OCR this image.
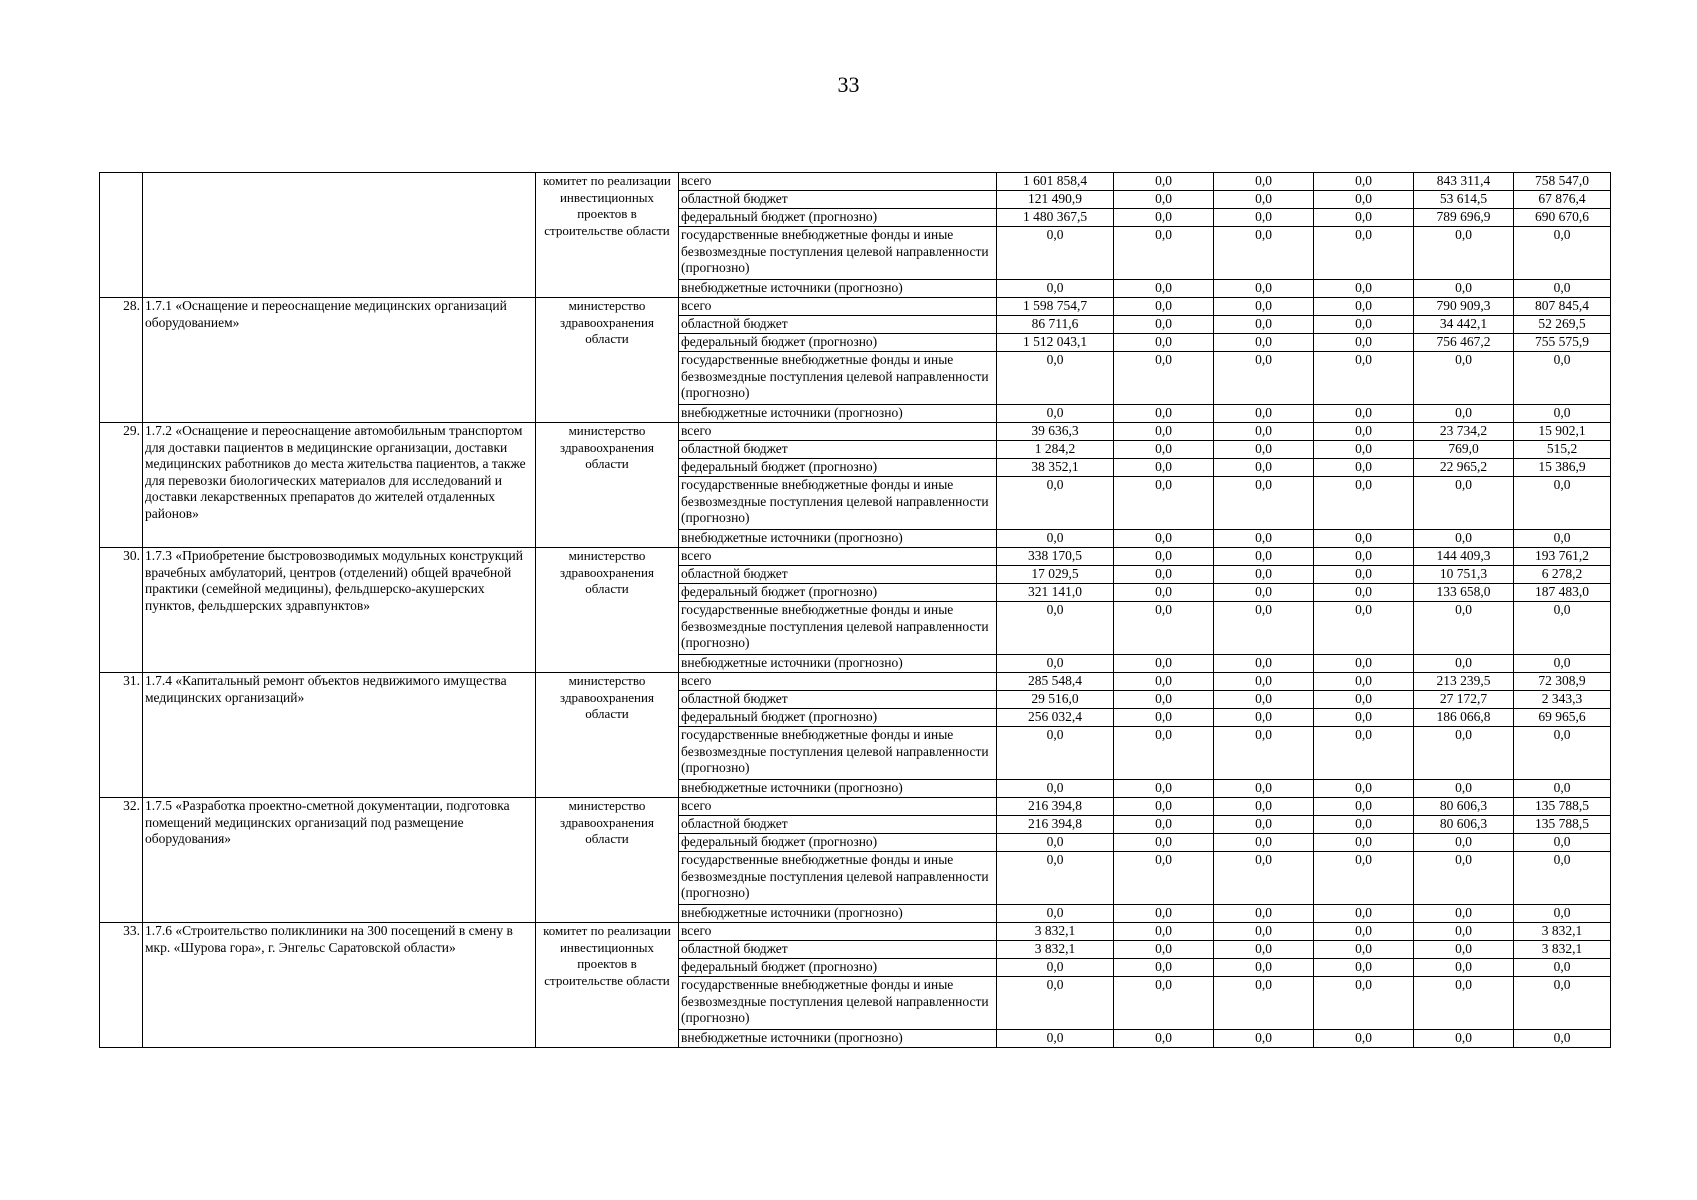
33
		комитет по реализации инвестиционных проектов в строительстве области	всего	1 601 858,4	0,0	0,0	0,0	843 311,4	758 547,0
			областной бюджет	121 490,9	0,0	0,0	0,0	53 614,5	67 876,4
			федеральный бюджет (прогнозно)	1 480 367,5	0,0	0,0	0,0	789 696,9	690 670,6
			государственные внебюджетные фонды и иные безвозмездные поступления целевой направленности (прогнозно)	0,0	0,0	0,0	0,0	0,0	0,0
			внебюджетные источники (прогнозно)	0,0	0,0	0,0	0,0	0,0	0,0
28.	1.7.1 «Оснащение и переоснащение медицинских организаций оборудованием»	министерство здравоохранения области	всего	1 598 754,7	0,0	0,0	0,0	790 909,3	807 845,4
			областной бюджет	86 711,6	0,0	0,0	0,0	34 442,1	52 269,5
			федеральный бюджет (прогнозно)	1 512 043,1	0,0	0,0	0,0	756 467,2	755 575,9
			государственные внебюджетные фонды и иные безвозмездные поступления целевой направленности (прогнозно)	0,0	0,0	0,0	0,0	0,0	0,0
			внебюджетные источники (прогнозно)	0,0	0,0	0,0	0,0	0,0	0,0
29.	1.7.2 «Оснащение и переоснащение автомобильным транспортом для доставки пациентов в медицинские организации, доставки медицинских работников до места жительства пациентов, а также для перевозки биологических материалов для исследований и доставки лекарственных препаратов до жителей отдаленных районов»	министерство здравоохранения области	всего	39 636,3	0,0	0,0	0,0	23 734,2	15 902,1
			областной бюджет	1 284,2	0,0	0,0	0,0	769,0	515,2
			федеральный бюджет (прогнозно)	38 352,1	0,0	0,0	0,0	22 965,2	15 386,9
			государственные внебюджетные фонды и иные безвозмездные поступления целевой направленности (прогнозно)	0,0	0,0	0,0	0,0	0,0	0,0
			внебюджетные источники (прогнозно)	0,0	0,0	0,0	0,0	0,0	0,0
30.	1.7.3 «Приобретение быстровозводимых модульных конструкций врачебных амбулаторий, центров (отделений) общей врачебной практики (семейной медицины), фельдшерско-акушерских пунктов, фельдшерских здравпунктов»	министерство здравоохранения области	всего	338 170,5	0,0	0,0	0,0	144 409,3	193 761,2
			областной бюджет	17 029,5	0,0	0,0	0,0	10 751,3	6 278,2
			федеральный бюджет (прогнозно)	321 141,0	0,0	0,0	0,0	133 658,0	187 483,0
			государственные внебюджетные фонды и иные безвозмездные поступления целевой направленности (прогнозно)	0,0	0,0	0,0	0,0	0,0	0,0
			внебюджетные источники (прогнозно)	0,0	0,0	0,0	0,0	0,0	0,0
31.	1.7.4 «Капитальный ремонт объектов недвижимого имущества медицинских организаций»	министерство здравоохранения области	всего	285 548,4	0,0	0,0	0,0	213 239,5	72 308,9
			областной бюджет	29 516,0	0,0	0,0	0,0	27 172,7	2 343,3
			федеральный бюджет (прогнозно)	256 032,4	0,0	0,0	0,0	186 066,8	69 965,6
			государственные внебюджетные фонды и иные безвозмездные поступления целевой направленности (прогнозно)	0,0	0,0	0,0	0,0	0,0	0,0
			внебюджетные источники (прогнозно)	0,0	0,0	0,0	0,0	0,0	0,0
32.	1.7.5 «Разработка проектно-сметной документации, подготовка помещений медицинских организаций под размещение оборудования»	министерство здравоохранения области	всего	216 394,8	0,0	0,0	0,0	80 606,3	135 788,5
			областной бюджет	216 394,8	0,0	0,0	0,0	80 606,3	135 788,5
			федеральный бюджет (прогнозно)	0,0	0,0	0,0	0,0	0,0	0,0
			государственные внебюджетные фонды и иные безвозмездные поступления целевой направленности (прогнозно)	0,0	0,0	0,0	0,0	0,0	0,0
			внебюджетные источники (прогнозно)	0,0	0,0	0,0	0,0	0,0	0,0
33.	1.7.6 «Строительство поликлиники на 300 посещений в смену в мкр. «Шурова гора», г. Энгельс Саратовской области»	комитет по реализации инвестиционных проектов в строительстве области	всего	3 832,1	0,0	0,0	0,0	0,0	3 832,1
			областной бюджет	3 832,1	0,0	0,0	0,0	0,0	3 832,1
			федеральный бюджет (прогнозно)	0,0	0,0	0,0	0,0	0,0	0,0
			государственные внебюджетные фонды и иные безвозмездные поступления целевой направленности (прогнозно)	0,0	0,0	0,0	0,0	0,0	0,0
			внебюджетные источники (прогнозно)	0,0	0,0	0,0	0,0	0,0	0,0
